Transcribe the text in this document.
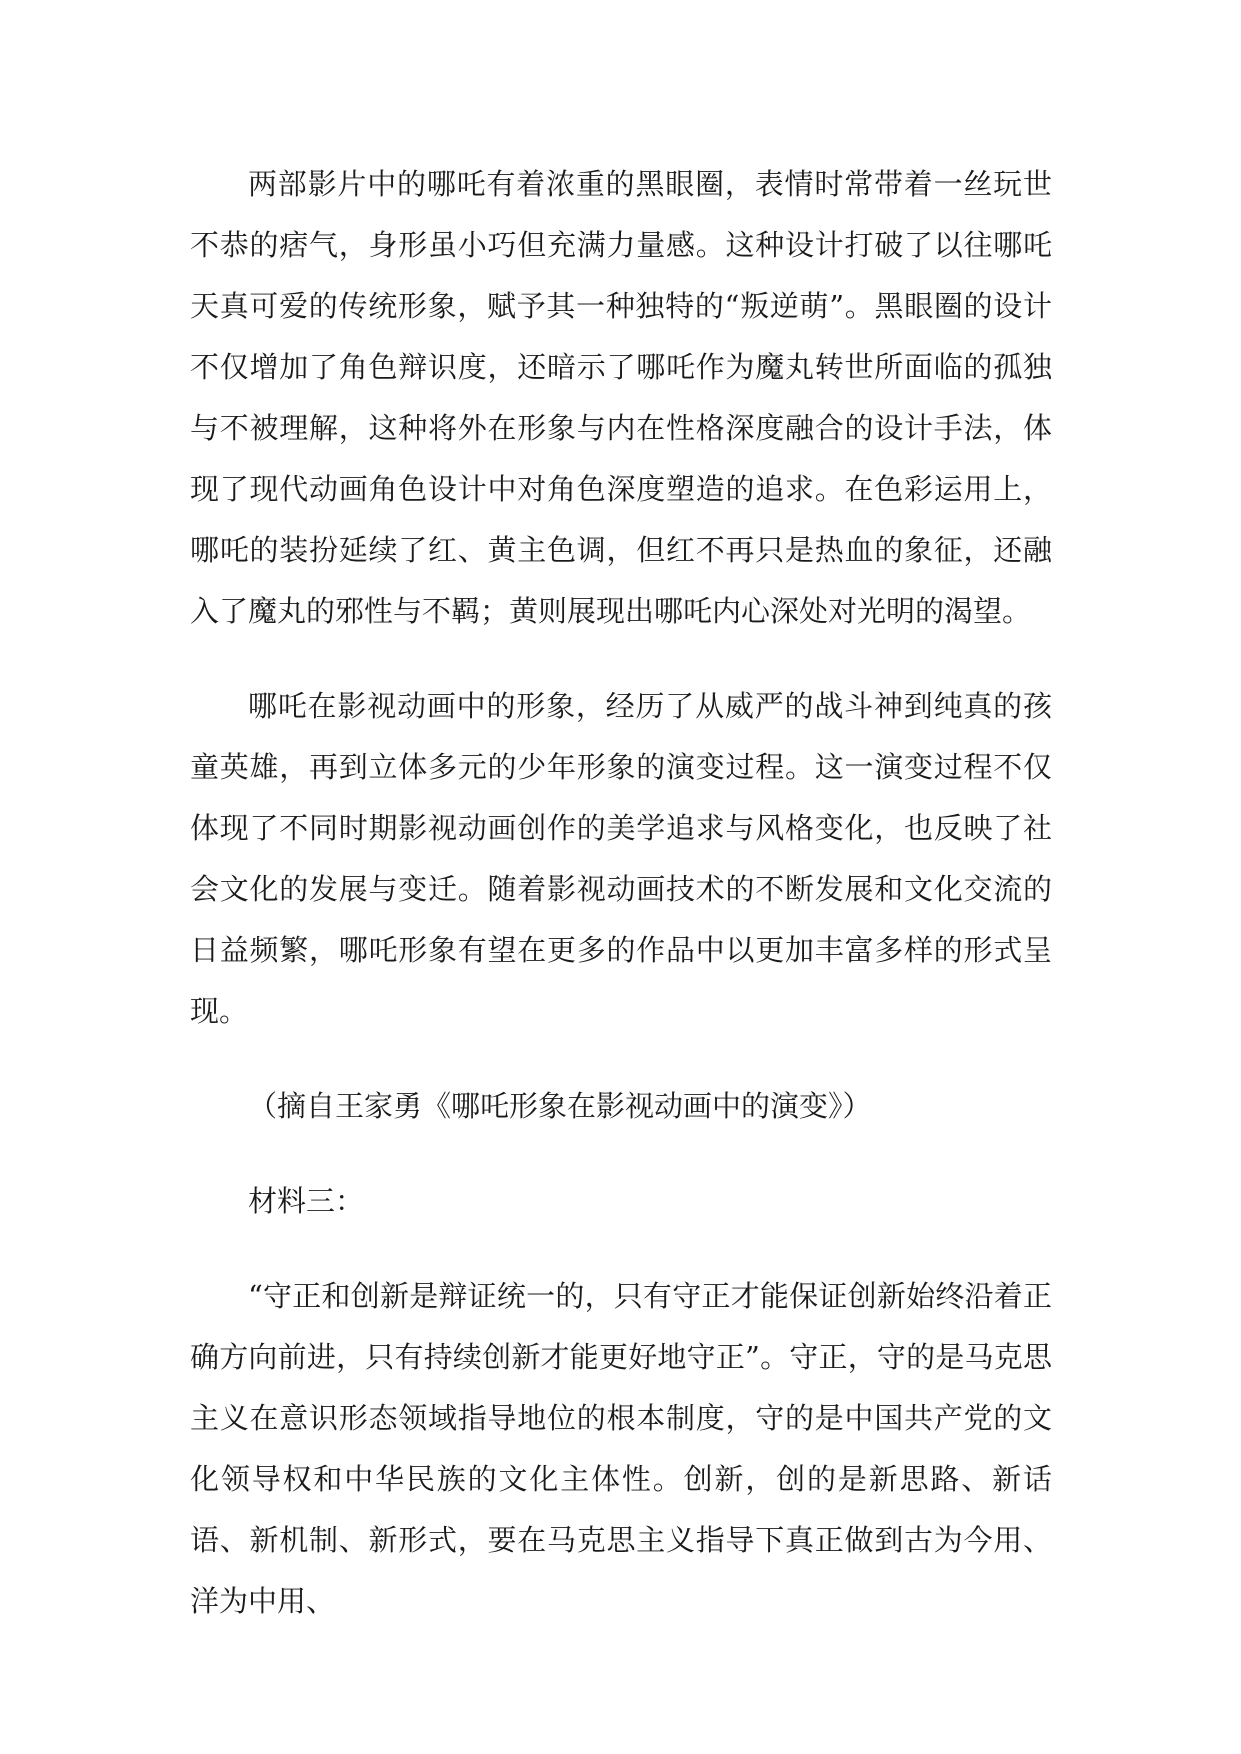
两部影片中的哪吒有着浓重的黑眼圈，表情时常带着一丝玩世不恭的痞气，身形虽小巧但充满力量感。这种设计打破了以往哪吒天真可爱的传统形象，赋予其一种独特的“叛逆萌”。黑眼圈的设计不仅增加了角色辩识度，还暗示了哪吒作为魔丸转世所面临的孤独与不被理解，这种将外在形象与内在性格深度融合的设计手法，体现了现代动画角色设计中对角色深度塑造的追求。在色彩运用上，哪吒的装扮延续了红、黄主色调，但红不再只是热血的象征，还融入了魔丸的邪性与不羁；黄则展现出哪吒内心深处对光明的渴望。

哪吒在影视动画中的形象，经历了从威严的战斗神到纯真的孩童英雄，再到立体多元的少年形象的演变过程。这一演变过程不仅体现了不同时期影视动画创作的美学追求与风格变化，也反映了社会文化的发展与变迁。随着影视动画技术的不断发展和文化交流的日益频繁，哪吒形象有望在更多的作品中以更加丰富多样的形式呈现。

（摘自王家勇《哪吒形象在影视动画中的演变》）

材料三：

“守正和创新是辩证统一的，只有守正才能保证创新始终沿着正确方向前进，只有持续创新才能更好地守正”。守正，守的是马克思主义在意识形态领域指导地位的根本制度，守的是中国共产党的文化领导权和中华民族的文化主体性。创新，创的是新思路、新话语、新机制、新形式，要在马克思主义指导下真正做到古为今用、洋为中用、
